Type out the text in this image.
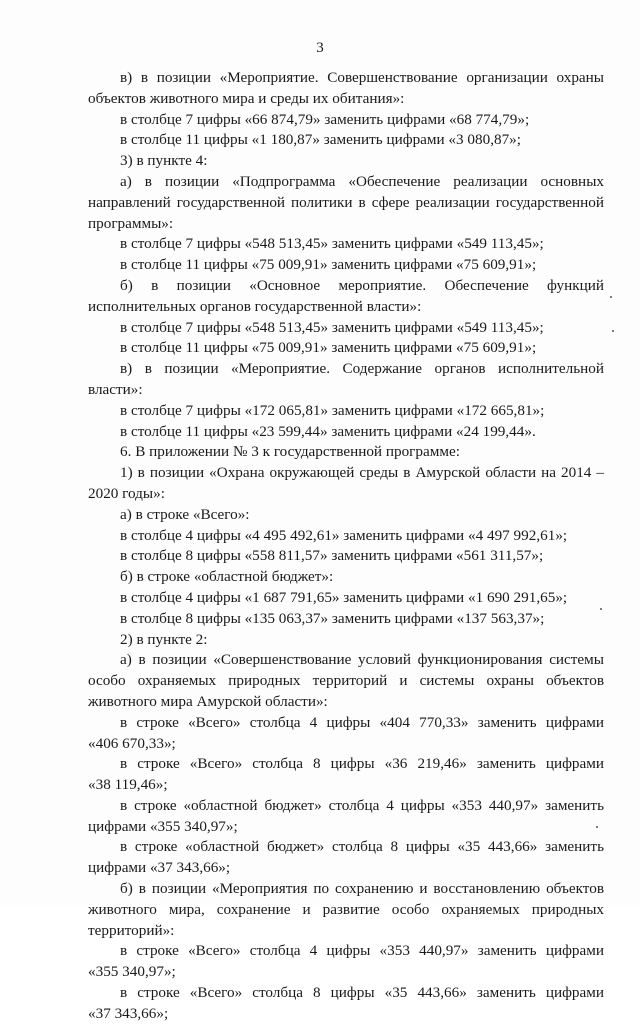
3
в) в позиции «Мероприятие. Совершенствование организации охраны
объектов животного мира и среды их обитания»:
в столбце 7 цифры «66 874,79» заменить цифрами «68 774,79»;
в столбце 11 цифры «1 180,87» заменить цифрами «3 080,87»;
3) в пункте 4:
а) в позиции «Подпрограмма «Обеспечение реализации основных
направлений государственной политики в сфере реализации государственной
программы»:
в столбце 7 цифры «548 513,45» заменить цифрами «549 113,45»;
в столбце 11 цифры «75 009,91» заменить цифрами «75 609,91»;
б) в позиции «Основное мероприятие. Обеспечение функций
исполнительных органов государственной власти»:
в столбце 7 цифры «548 513,45» заменить цифрами «549 113,45»;
в столбце 11 цифры «75 009,91» заменить цифрами «75 609,91»;
в) в позиции «Мероприятие. Содержание органов исполнительной
власти»:
в столбце 7 цифры «172 065,81» заменить цифрами «172 665,81»;
в столбце 11 цифры «23 599,44» заменить цифрами «24 199,44».
6. В приложении № 3 к государственной программе:
1) в позиции «Охрана окружающей среды в Амурской области на 2014 –
2020 годы»:
а) в строке «Всего»:
в столбце 4 цифры «4 495 492,61» заменить цифрами «4 497 992,61»;
в столбце 8 цифры «558 811,57» заменить цифрами «561 311,57»;
б) в строке «областной бюджет»:
в столбце 4 цифры «1 687 791,65» заменить цифрами «1 690 291,65»;
в столбце 8 цифры «135 063,37» заменить цифрами «137 563,37»;
2) в пункте 2:
а) в позиции «Совершенствование условий функционирования системы
особо охраняемых природных территорий и системы охраны объектов
животного мира Амурской области»:
в строке «Всего» столбца 4 цифры «404 770,33» заменить цифрами
«406 670,33»;
в строке «Всего» столбца 8 цифры «36 219,46» заменить цифрами
«38 119,46»;
в строке «областной бюджет» столбца 4 цифры «353 440,97» заменить
цифрами «355 340,97»;
в строке «областной бюджет» столбца 8 цифры «35 443,66» заменить
цифрами «37 343,66»;
б) в позиции «Мероприятия по сохранению и восстановлению объектов
животного мира, сохранение и развитие особо охраняемых природных
территорий»:
в строке «Всего» столбца 4 цифры «353 440,97» заменить цифрами
«355 340,97»;
в строке «Всего» столбца 8 цифры «35 443,66» заменить цифрами
«37 343,66»;
